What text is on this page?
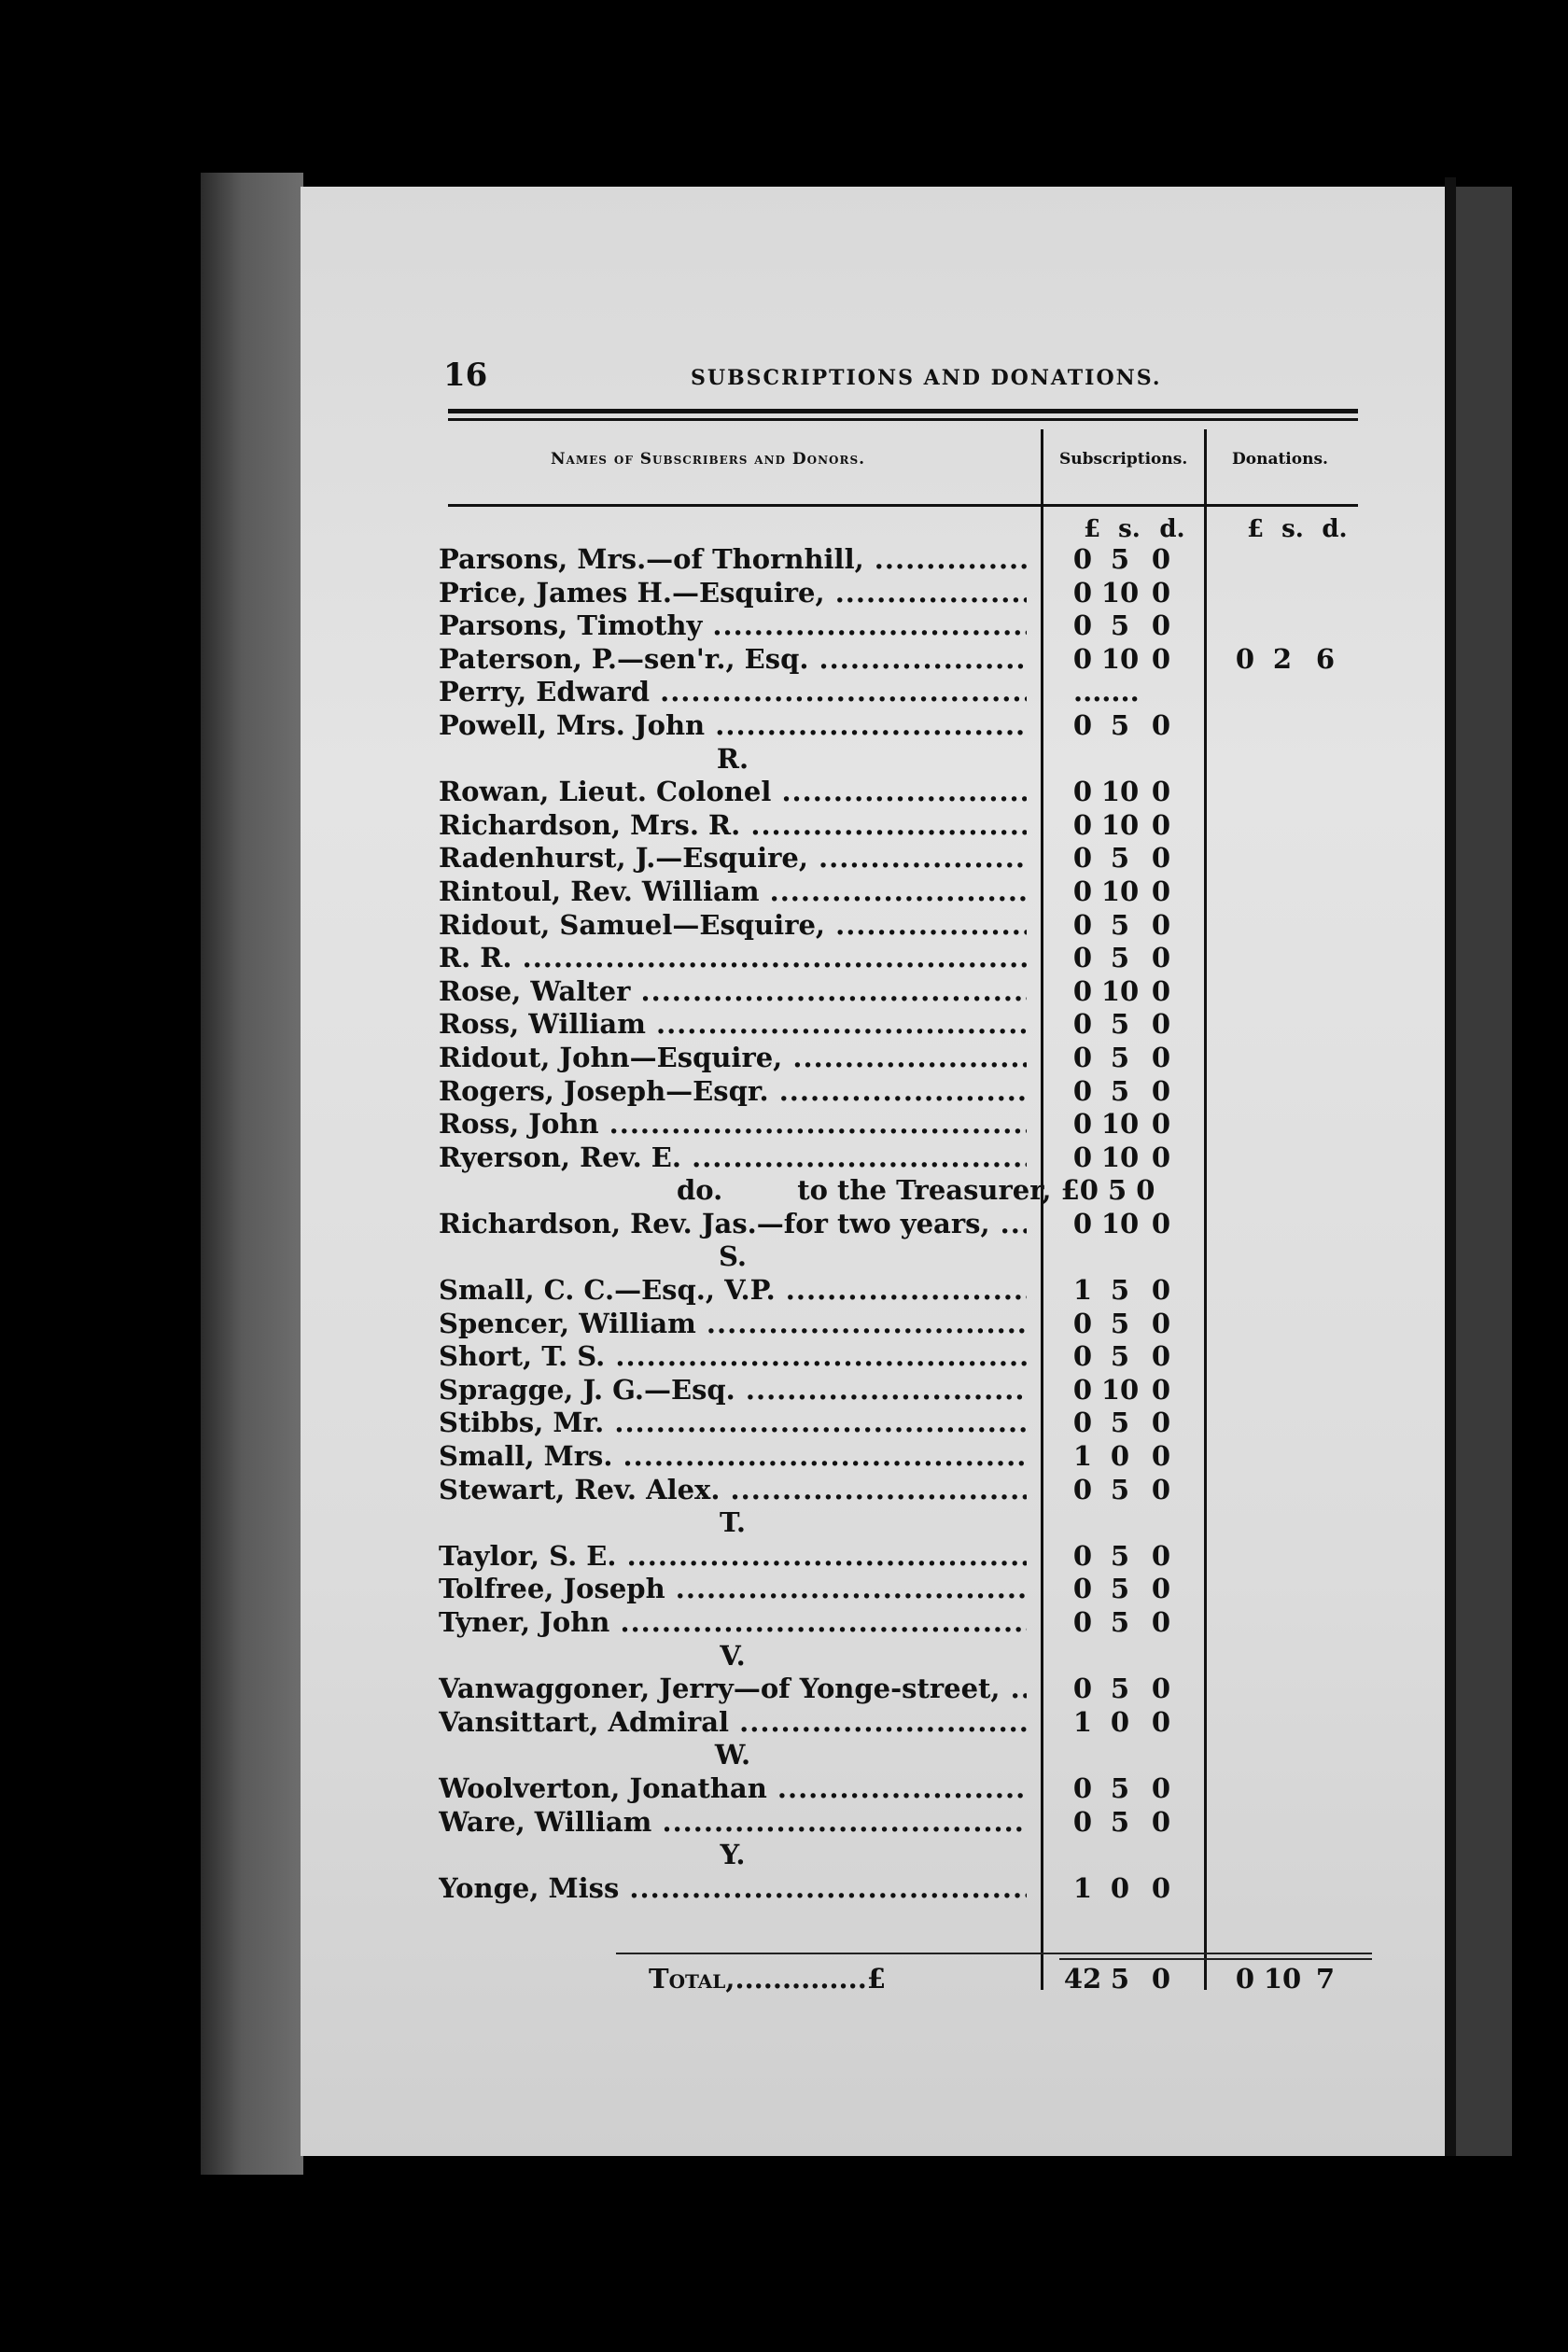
16	SUBSCRIPTIONS AND DONATIONS.
Names of Subscribers and Donors.	Subscriptions.	Donations.
£ s. d.	£ s. d.
Parsons, Mrs.—of Thornhill, .....	0 5 0
Price, James H.—Esquire, .....	0 10 0
Parsons, Timothy .....	0 5 0
Paterson, P.—sen'r., Esq. .....	0 10 0	0 2 6
Perry, Edward .....	.......
Powell, Mrs. John .....	0 5 0
R.
Rowan, Lieut. Colonel .....	0 10 0
Richardson, Mrs. R. .....	0 10 0
Radenhurst, J.—Esquire, .....	0 5 0
Rintoul, Rev. William .....	0 10 0
Ridout, Samuel—Esquire, .....	0 5 0
R. R. .....	0 5 0
Rose, Walter .....	0 10 0
Ross, William .....	0 5 0
Ridout, John—Esquire, .....	0 5 0
Rogers, Joseph—Esqr. .....	0 5 0
Ross, John .....	0 10 0
Ryerson, Rev. E. .....	0 10 0
do.	to the Treasurer, £0 5 0
Richardson, Rev. Jas.—for two years, .....	0 10 0
S.
Small, C. C.—Esq., V.P. .....	1 5 0
Spencer, William .....	0 5 0
Short, T. S. .....	0 5 0
Spragge, J. G.—Esq. .....	0 10 0
Stibbs, Mr. .....	0 5 0
Small, Mrs. .....	1 0 0
Stewart, Rev. Alex. .....	0 5 0
T.
Taylor, S. E. .....	0 5 0
Tolfree, Joseph .....	0 5 0
Tyner, John .....	0 5 0
V.
Vanwaggoner, Jerry—of Yonge-street, .....	0 5 0
Vansittart, Admiral .....	1 0 0
W.
Woolverton, Jonathan .....	0 5 0
Ware, William .....	0 5 0
Y.
Yonge, Miss .....	1 0 0
Total,..............£	42 5 0	0 10 7
